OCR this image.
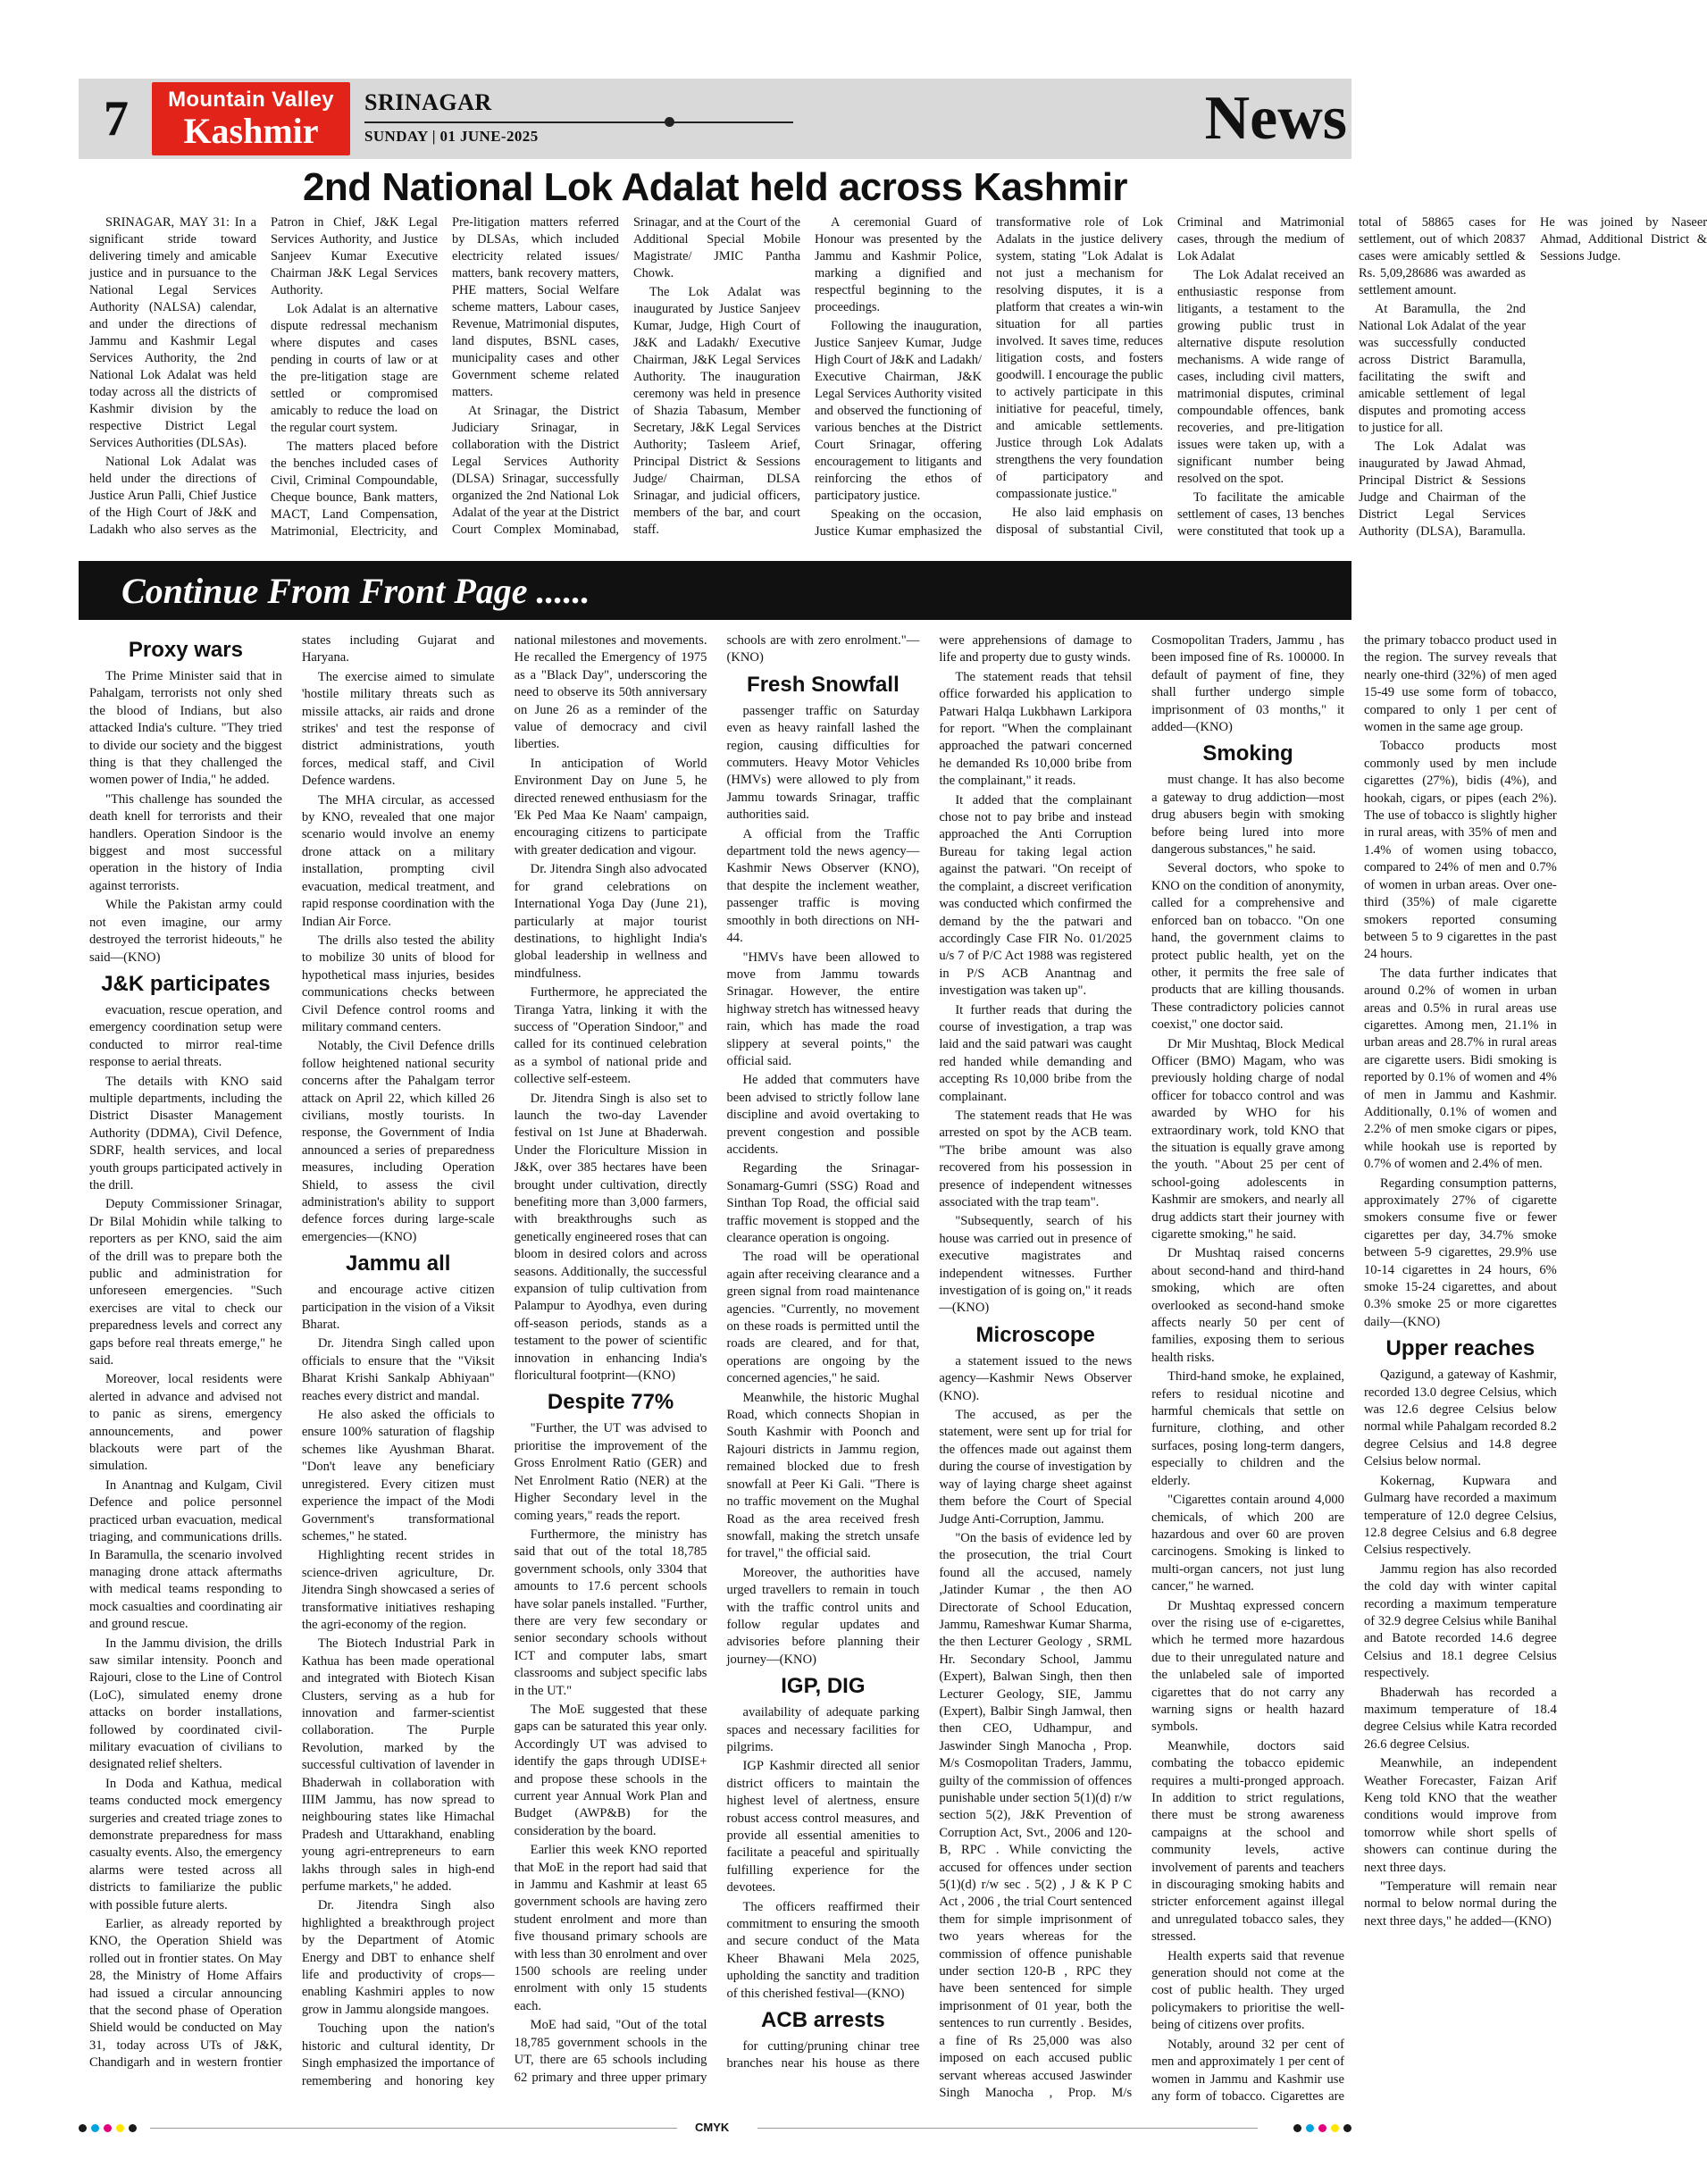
7	Mountain Valley
Kashmir
SRINAGAR
SUNDAY | 01 JUNE-2025	News
2nd National Lok Adalat held across Kashmir

SRINAGAR, MAY 31: In a significant stride toward delivering timely and amicable justice and in pursuance to the National Legal Services Authority (NALSA) calendar, and under the directions of Jammu and Kashmir Legal Services Authority, the 2nd National Lok Adalat was held today across all the districts of Kashmir division by the respective District Legal Services Authorities (DLSAs).

National Lok Adalat was held under the directions of Justice Arun Palli, Chief Justice of the High Court of J&K and Ladakh who also serves as the Patron in Chief, J&K Legal Services Authority, and Justice Sanjeev Kumar Executive Chairman J&K Legal Services Authority.

Lok Adalat is an alternative dispute redressal mechanism where disputes and cases pending in courts of law or at the pre-litigation stage are settled or compromised amicably to reduce the load on the regular court system.

The matters placed before the benches included cases of Civil, Criminal Compoundable, Cheque bounce, Bank matters, MACT, Land Compensation, Matrimonial, Electricity, and Pre-litigation matters referred by DLSAs, which included electricity related issues/ matters, bank recovery matters, PHE matters, Social Welfare scheme matters, Labour cases, Revenue, Matrimonial disputes, land disputes, BSNL cases, municipality cases and other Government scheme related matters.

At Srinagar, the District Judiciary Srinagar, in collaboration with the District Legal Services Authority (DLSA) Srinagar, successfully organized the 2nd National Lok Adalat of the year at the District Court Complex Mominabad, Srinagar, and at the Court of the Additional Special Mobile Magistrate/ JMIC Pantha Chowk.

The Lok Adalat was inaugurated by Justice Sanjeev Kumar, Judge, High Court of J&K and Ladakh/ Executive Chairman, J&K Legal Services Authority. The inauguration ceremony was held in presence of Shazia Tabasum, Member Secretary, J&K Legal Services Authority; Tasleem Arief, Principal District & Sessions Judge/ Chairman, DLSA Srinagar, and judicial officers, members of the bar, and court staff.

A ceremonial Guard of Honour was presented by the Jammu and Kashmir Police, marking a dignified and respectful beginning to the proceedings.

Following the inauguration, Justice Sanjeev Kumar, Judge High Court of J&K and Ladakh/ Executive Chairman, J&K Legal Services Authority visited and observed the functioning of various benches at the District Court Srinagar, offering encouragement to litigants and reinforcing the ethos of participatory justice.

Speaking on the occasion, Justice Kumar emphasized the transformative role of Lok Adalats in the justice delivery system, stating "Lok Adalat is not just a mechanism for resolving disputes, it is a platform that creates a win-win situation for all parties involved. It saves time, reduces litigation costs, and fosters goodwill. I encourage the public to actively participate in this initiative for peaceful, timely, and amicable settlements. Justice through Lok Adalats strengthens the very foundation of participatory and compassionate justice."

He also laid emphasis on disposal of substantial Civil, Criminal and Matrimonial cases, through the medium of Lok Adalat

The Lok Adalat received an enthusiastic response from litigants, a testament to the growing public trust in alternative dispute resolution mechanisms. A wide range of cases, including civil matters, matrimonial disputes, criminal compoundable offences, bank recoveries, and pre-litigation issues were taken up, with a significant number being resolved on the spot.

To facilitate the amicable settlement of cases, 13 benches were constituted that took up a total of 58865 cases for settlement, out of which 20837 cases were amicably settled & Rs. 5,09,28686 was awarded as settlement amount.

At Baramulla, the 2nd National Lok Adalat of the year was successfully conducted across District Baramulla, facilitating the swift and amicable settlement of legal disputes and promoting access to justice for all.

The Lok Adalat was inaugurated by Jawad Ahmad, Principal District & Sessions Judge and Chairman of the District Legal Services Authority (DLSA), Baramulla. He was joined by Naseer Ahmad, Additional District & Sessions Judge.

Continue From Front Page ......
Proxy wars

The Prime Minister said that in Pahalgam, terrorists not only shed the blood of Indians, but also attacked India's culture. "They tried to divide our society and the biggest thing is that they challenged the women power of India," he added.

"This challenge has sounded the death knell for terrorists and their handlers. Operation Sindoor is the biggest and most successful operation in the history of India against terrorists.

While the Pakistan army could not even imagine, our army destroyed the terrorist hideouts," he said—(KNO)

J&K participates

evacuation, rescue operation, and emergency coordination setup were conducted to mirror real-time response to aerial threats.

The details with KNO said multiple departments, including the District Disaster Management Authority (DDMA), Civil Defence, SDRF, health services, and local youth groups participated actively in the drill.

Deputy Commissioner Srinagar, Dr Bilal Mohidin while talking to reporters as per KNO, said the aim of the drill was to prepare both the public and administration for unforeseen emergencies. "Such exercises are vital to check our preparedness levels and correct any gaps before real threats emerge," he said.

Moreover, local residents were alerted in advance and advised not to panic as sirens, emergency announcements, and power blackouts were part of the simulation.

In Anantnag and Kulgam, Civil Defence and police personnel practiced urban evacuation, medical triaging, and communications drills. In Baramulla, the scenario involved managing drone attack aftermaths with medical teams responding to mock casualties and coordinating air and ground rescue.

In the Jammu division, the drills saw similar intensity. Poonch and Rajouri, close to the Line of Control (LoC), simulated enemy drone attacks on border installations, followed by coordinated civil-military evacuation of civilians to designated relief shelters.

In Doda and Kathua, medical teams conducted mock emergency surgeries and created triage zones to demonstrate preparedness for mass casualty events. Also, the emergency alarms were tested across all districts to familiarize the public with possible future alerts.

Earlier, as already reported by KNO, the Operation Shield was rolled out in frontier states. On May 28, the Ministry of Home Affairs had issued a circular announcing that the second phase of Operation Shield would be conducted on May 31, today across UTs of J&K, Chandigarh and in western frontier states including Gujarat and Haryana.

The exercise aimed to simulate 'hostile military threats such as missile attacks, air raids and drone strikes' and test the response of district administrations, youth forces, medical staff, and Civil Defence wardens.

The MHA circular, as accessed by KNO, revealed that one major scenario would involve an enemy drone attack on a military installation, prompting civil evacuation, medical treatment, and rapid response coordination with the Indian Air Force.

The drills also tested the ability to mobilize 30 units of blood for hypothetical mass injuries, besides communications checks between Civil Defence control rooms and military command centers.

Notably, the Civil Defence drills follow heightened national security concerns after the Pahalgam terror attack on April 22, which killed 26 civilians, mostly tourists. In response, the Government of India announced a series of preparedness measures, including Operation Shield, to assess the civil administration's ability to support defence forces during large-scale emergencies—(KNO)

Jammu all

and encourage active citizen participation in the vision of a Viksit Bharat.

Dr. Jitendra Singh called upon officials to ensure that the "Viksit Bharat Krishi Sankalp Abhiyaan" reaches every district and mandal.

He also asked the officials to ensure 100% saturation of flagship schemes like Ayushman Bharat. "Don't leave any beneficiary unregistered. Every citizen must experience the impact of the Modi Government's transformational schemes," he stated.

Highlighting recent strides in science-driven agriculture, Dr. Jitendra Singh showcased a series of transformative initiatives reshaping the agri-economy of the region.

The Biotech Industrial Park in Kathua has been made operational and integrated with Biotech Kisan Clusters, serving as a hub for innovation and farmer-scientist collaboration. The Purple Revolution, marked by the successful cultivation of lavender in Bhaderwah in collaboration with IIIM Jammu, has now spread to neighbouring states like Himachal Pradesh and Uttarakhand, enabling young agri-entrepreneurs to earn lakhs through sales in high-end perfume markets," he added.

Dr. Jitendra Singh also highlighted a breakthrough project by the Department of Atomic Energy and DBT to enhance shelf life and productivity of crops—enabling Kashmiri apples to now grow in Jammu alongside mangoes.

Touching upon the nation's historic and cultural identity, Dr Singh emphasized the importance of remembering and honoring key national milestones and movements. He recalled the Emergency of 1975 as a "Black Day", underscoring the need to observe its 50th anniversary on June 26 as a reminder of the value of democracy and civil liberties.

In anticipation of World Environment Day on June 5, he directed renewed enthusiasm for the 'Ek Ped Maa Ke Naam' campaign, encouraging citizens to participate with greater dedication and vigour.

Dr. Jitendra Singh also advocated for grand celebrations on International Yoga Day (June 21), particularly at major tourist destinations, to highlight India's global leadership in wellness and mindfulness.

Furthermore, he appreciated the Tiranga Yatra, linking it with the success of "Operation Sindoor," and called for its continued celebration as a symbol of national pride and collective self-esteem.

Dr. Jitendra Singh is also set to launch the two-day Lavender festival on 1st June at Bhaderwah. Under the Floriculture Mission in J&K, over 385 hectares have been brought under cultivation, directly benefiting more than 3,000 farmers, with breakthroughs such as genetically engineered roses that can bloom in desired colors and across seasons. Additionally, the successful expansion of tulip cultivation from Palampur to Ayodhya, even during off-season periods, stands as a testament to the power of scientific innovation in enhancing India's floricultural footprint—(KNO)

Despite 77%

"Further, the UT was advised to prioritise the improvement of the Gross Enrolment Ratio (GER) and Net Enrolment Ratio (NER) at the Higher Secondary level in the coming years," reads the report.

Furthermore, the ministry has said that out of the total 18,785 government schools, only 3304 that amounts to 17.6 percent schools have solar panels installed. "Further, there are very few secondary or senior secondary schools without ICT and computer labs, smart classrooms and subject specific labs in the UT."

The MoE suggested that these gaps can be saturated this year only. Accordingly UT was advised to identify the gaps through UDISE+ and propose these schools in the current year Annual Work Plan and Budget (AWP&B) for the consideration by the board.

Earlier this week KNO reported that MoE in the report had said that in Jammu and Kashmir at least 65 government schools are having zero student enrolment and more than five thousand primary schools are with less than 30 enrolment and over 1500 schools are reeling under enrolment with only 15 students each.

MoE had said, "Out of the total 18,785 government schools in the UT, there are 65 schools including 62 primary and three upper primary schools are with zero enrolment."—(KNO)

Fresh Snowfall

passenger traffic on Saturday even as heavy rainfall lashed the region, causing difficulties for commuters. Heavy Motor Vehicles (HMVs) were allowed to ply from Jammu towards Srinagar, traffic authorities said.

A official from the Traffic department told the news agency—Kashmir News Observer (KNO), that despite the inclement weather, passenger traffic is moving smoothly in both directions on NH-44.

"HMVs have been allowed to move from Jammu towards Srinagar. However, the entire highway stretch has witnessed heavy rain, which has made the road slippery at several points," the official said.

He added that commuters have been advised to strictly follow lane discipline and avoid overtaking to prevent congestion and possible accidents.

Regarding the Srinagar-Sonamarg-Gumri (SSG) Road and Sinthan Top Road, the official said traffic movement is stopped and the clearance operation is ongoing.

The road will be operational again after receiving clearance and a green signal from road maintenance agencies. "Currently, no movement on these roads is permitted until the roads are cleared, and for that, operations are ongoing by the concerned agencies," he said.

Meanwhile, the historic Mughal Road, which connects Shopian in South Kashmir with Poonch and Rajouri districts in Jammu region, remained blocked due to fresh snowfall at Peer Ki Gali. "There is no traffic movement on the Mughal Road as the area received fresh snowfall, making the stretch unsafe for travel," the official said.

Moreover, the authorities have urged travellers to remain in touch with the traffic control units and follow regular updates and advisories before planning their journey—(KNO)

IGP, DIG

availability of adequate parking spaces and necessary facilities for pilgrims.

IGP Kashmir directed all senior district officers to maintain the highest level of alertness, ensure robust access control measures, and provide all essential amenities to facilitate a peaceful and spiritually fulfilling experience for the devotees.

The officers reaffirmed their commitment to ensuring the smooth and secure conduct of the Mata Kheer Bhawani Mela 2025, upholding the sanctity and tradition of this cherished festival—(KNO)

ACB arrests

for cutting/pruning chinar tree branches near his house as there were apprehensions of damage to life and property due to gusty winds.

The statement reads that tehsil office forwarded his application to Patwari Halqa Lukbhawn Larkipora for report. "When the complainant approached the patwari concerned he demanded Rs 10,000 bribe from the complainant," it reads.

It added that the complainant chose not to pay bribe and instead approached the Anti Corruption Bureau for taking legal action against the patwari. "On receipt of the complaint, a discreet verification was conducted which confirmed the demand by the the patwari and accordingly Case FIR No. 01/2025 u/s 7 of P/C Act 1988 was registered in P/S ACB Anantnag and investigation was taken up".

It further reads that during the course of investigation, a trap was laid and the said patwari was caught red handed while demanding and accepting Rs 10,000 bribe from the complainant.

The statement reads that He was arrested on spot by the ACB team. "The bribe amount was also recovered from his possession in presence of independent witnesses associated with the trap team".

"Subsequently, search of his house was carried out in presence of executive magistrates and independent witnesses. Further investigation of is going on," it reads—(KNO)

Microscope

a statement issued to the news agency—Kashmir News Observer (KNO).

The accused, as per the statement, were sent up for trial for the offences made out against them during the course of investigation by way of laying charge sheet against them before the Court of Special Judge Anti-Corruption, Jammu.

"On the basis of evidence led by the prosecution, the trial Court found all the accused, namely ,Jatinder Kumar , the then AO Directorate of School Education, Jammu, Rameshwar Kumar Sharma, the then Lecturer Geology , SRML Hr. Secondary School, Jammu (Expert), Balwan Singh, then then Lecturer Geology, SIE, Jammu (Expert), Balbir Singh Jamwal, then then CEO, Udhampur, and Jaswinder Singh Manocha , Prop. M/s Cosmopolitan Traders, Jammu, guilty of the commission of offences punishable under section 5(1)(d) r/w section 5(2), J&K Prevention of Corruption Act, Svt., 2006 and 120-B, RPC . While convicting the accused for offences under section 5(1)(d) r/w sec . 5(2) , J & K P C Act , 2006 , the trial Court sentenced them for simple imprisonment of two years whereas for the commission of offence punishable under section 120-B , RPC they have been sentenced for simple imprisonment of 01 year, both the sentences to run currently . Besides, a fine of Rs 25,000 was also imposed on each accused public servant whereas accused Jaswinder Singh Manocha , Prop. M/s Cosmopolitan Traders, Jammu , has been imposed fine of Rs. 100000. In default of payment of fine, they shall further undergo simple imprisonment of 03 months," it added—(KNO)

Smoking

must change. It has also become a gateway to drug addiction—most drug abusers begin with smoking before being lured into more dangerous substances," he said.

Several doctors, who spoke to KNO on the condition of anonymity, called for a comprehensive and enforced ban on tobacco. "On one hand, the government claims to protect public health, yet on the other, it permits the free sale of products that are killing thousands. These contradictory policies cannot coexist," one doctor said.

Dr Mir Mushtaq, Block Medical Officer (BMO) Magam, who was previously holding charge of nodal officer for tobacco control and was awarded by WHO for his extraordinary work, told KNO that the situation is equally grave among the youth. "About 25 per cent of school-going adolescents in Kashmir are smokers, and nearly all drug addicts start their journey with cigarette smoking," he said.

Dr Mushtaq raised concerns about second-hand and third-hand smoking, which are often overlooked as second-hand smoke affects nearly 50 per cent of families, exposing them to serious health risks.

Third-hand smoke, he explained, refers to residual nicotine and harmful chemicals that settle on furniture, clothing, and other surfaces, posing long-term dangers, especially to children and the elderly.

"Cigarettes contain around 4,000 chemicals, of which 200 are hazardous and over 60 are proven carcinogens. Smoking is linked to multi-organ cancers, not just lung cancer," he warned.

Dr Mushtaq expressed concern over the rising use of e-cigarettes, which he termed more hazardous due to their unregulated nature and the unlabeled sale of imported cigarettes that do not carry any warning signs or health hazard symbols.

Meanwhile, doctors said combating the tobacco epidemic requires a multi-pronged approach. In addition to strict regulations, there must be strong awareness campaigns at the school and community levels, active involvement of parents and teachers in discouraging smoking habits and stricter enforcement against illegal and unregulated tobacco sales, they stressed.

Health experts said that revenue generation should not come at the cost of public health. They urged policymakers to prioritise the well-being of citizens over profits.

Notably, around 32 per cent of men and approximately 1 per cent of women in Jammu and Kashmir use any form of tobacco. Cigarettes are the primary tobacco product used in the region. The survey reveals that nearly one-third (32%) of men aged 15-49 use some form of tobacco, compared to only 1 per cent of women in the same age group.

Tobacco products most commonly used by men include cigarettes (27%), bidis (4%), and hookah, cigars, or pipes (each 2%). The use of tobacco is slightly higher in rural areas, with 35% of men and 1.4% of women using tobacco, compared to 24% of men and 0.7% of women in urban areas. Over one-third (35%) of male cigarette smokers reported consuming between 5 to 9 cigarettes in the past 24 hours.

The data further indicates that around 0.2% of women in urban areas and 0.5% in rural areas use cigarettes. Among men, 21.1% in urban areas and 28.7% in rural areas are cigarette users. Bidi smoking is reported by 0.1% of women and 4% of men in Jammu and Kashmir. Additionally, 0.1% of women and 2.2% of men smoke cigars or pipes, while hookah use is reported by 0.7% of women and 2.4% of men.

Regarding consumption patterns, approximately 27% of cigarette smokers consume five or fewer cigarettes per day, 34.7% smoke between 5-9 cigarettes, 29.9% use 10-14 cigarettes in 24 hours, 6% smoke 15-24 cigarettes, and about 0.3% smoke 25 or more cigarettes daily—(KNO)

Upper reaches

Qazigund, a gateway of Kashmir, recorded 13.0 degree Celsius, which was 12.6 degree Celsius below normal while Pahalgam recorded 8.2 degree Celsius and 14.8 degree Celsius below normal.

Kokernag, Kupwara and Gulmarg have recorded a maximum temperature of 12.0 degree Celsius, 12.8 degree Celsius and 6.8 degree Celsius respectively.

Jammu region has also recorded the cold day with winter capital recording a maximum temperature of 32.9 degree Celsius while Banihal and Batote recorded 14.6 degree Celsius and 18.1 degree Celsius respectively.

Bhaderwah has recorded a maximum temperature of 18.4 degree Celsius while Katra recorded 26.6 degree Celsius.

Meanwhile, an independent Weather Forecaster, Faizan Arif Keng told KNO that the weather conditions would improve from tomorrow while short spells of showers can continue during the next three days.

"Temperature will remain near normal to below normal during the next three days," he added—(KNO)

CMYK
